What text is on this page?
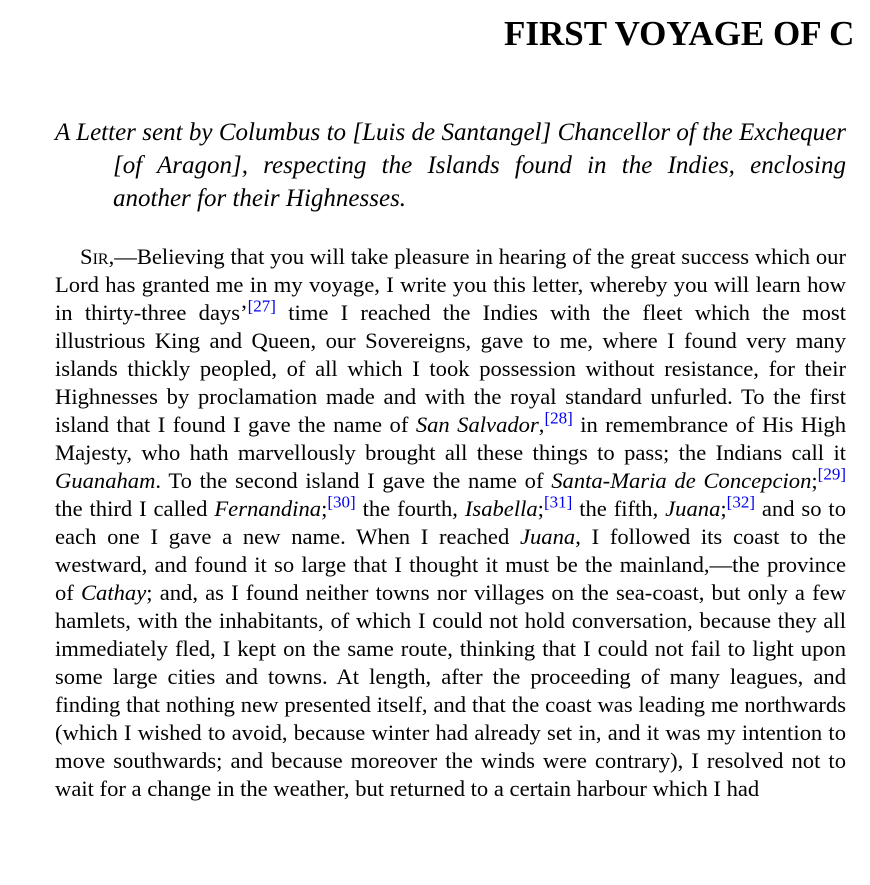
FIRST VOYAGE OF C

A Letter sent by Columbus to [Luis de Santangel] Chancellor of the Exchequer [of Aragon], respecting the Islands found in the Indies, enclosing another for their Highnesses.

Sir,—Believing that you will take pleasure in hearing of the great success which our Lord has granted me in my voyage, I write you this letter, whereby you will learn how in thirty-three days’[27] time I reached the Indies with the fleet which the most illustrious King and Queen, our Sovereigns, gave to me, where I found very many islands thickly peopled, of all which I took possession without resistance, for their Highnesses by proclamation made and with the royal standard unfurled. To the first island that I found I gave the name of San Salvador,[28] in remembrance of His High Majesty, who hath marvellously brought all these things to pass; the Indians call it Guanaham. To the second island I gave the name of Santa-Maria de Concepcion;[29] the third I called Fernandina;[30] the fourth, Isabella;[31] the fifth, Juana;[32] and so to each one I gave a new name. When I reached Juana, I followed its coast to the westward, and found it so large that I thought it must be the mainland,—the province of Cathay; and, as I found neither towns nor villages on the sea-coast, but only a few hamlets, with the inhabitants, of which I could not hold conversation, because they all immediately fled, I kept on the same route, thinking that I could not fail to light upon some large cities and towns. At length, after the proceeding of many leagues, and finding that nothing new presented itself, and that the coast was leading me northwards (which I wished to avoid, because winter had already set in, and it was my intention to move southwards; and because moreover the winds were contrary), I resolved not to wait for a change in the weather, but returned to a certain harbour which I had
